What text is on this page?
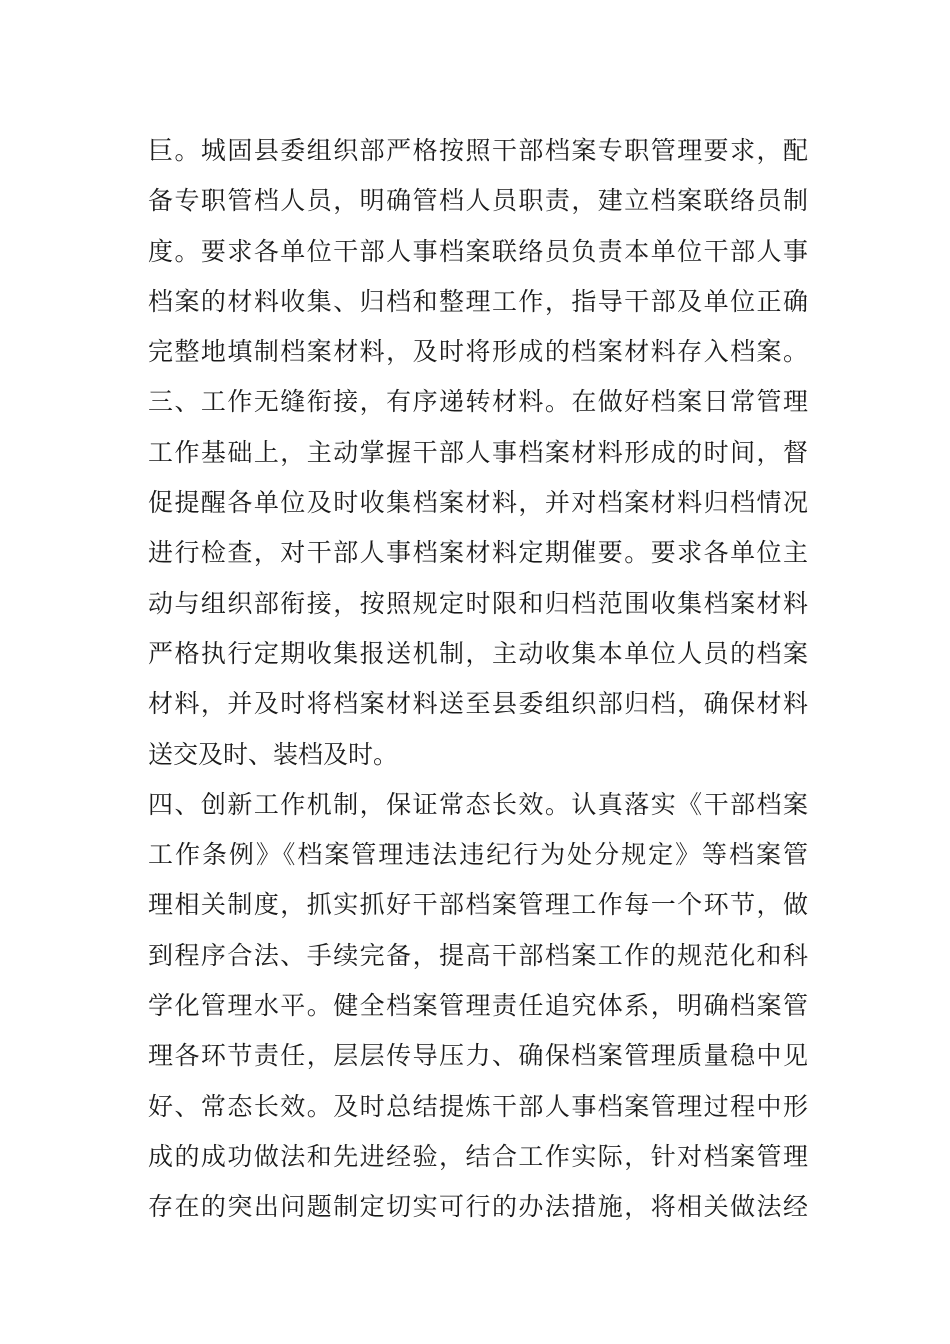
巨。城固县委组织部严格按照干部档案专职管理要求，配
备专职管档人员，明确管档人员职责，建立档案联络员制
度。要求各单位干部人事档案联络员负责本单位干部人事
档案的材料收集、归档和整理工作，指导干部及单位正确
完整地填制档案材料，及时将形成的档案材料存入档案。
三、工作无缝衔接，有序递转材料。在做好档案日常管理
工作基础上，主动掌握干部人事档案材料形成的时间，督
促提醒各单位及时收集档案材料，并对档案材料归档情况
进行检查，对干部人事档案材料定期催要。要求各单位主
动与组织部衔接，按照规定时限和归档范围收集档案材料
严格执行定期收集报送机制，主动收集本单位人员的档案
材料，并及时将档案材料送至县委组织部归档，确保材料
送交及时、装档及时。
四、创新工作机制，保证常态长效。认真落实《干部档案
工作条例》《档案管理违法违纪行为处分规定》等档案管
理相关制度，抓实抓好干部档案管理工作每一个环节，做
到程序合法、手续完备，提高干部档案工作的规范化和科
学化管理水平。健全档案管理责任追究体系，明确档案管
理各环节责任，层层传导压力、确保档案管理质量稳中见
好、常态长效。及时总结提炼干部人事档案管理过程中形
成的成功做法和先进经验，结合工作实际，针对档案管理
存在的突出问题制定切实可行的办法措施，将相关做法经
